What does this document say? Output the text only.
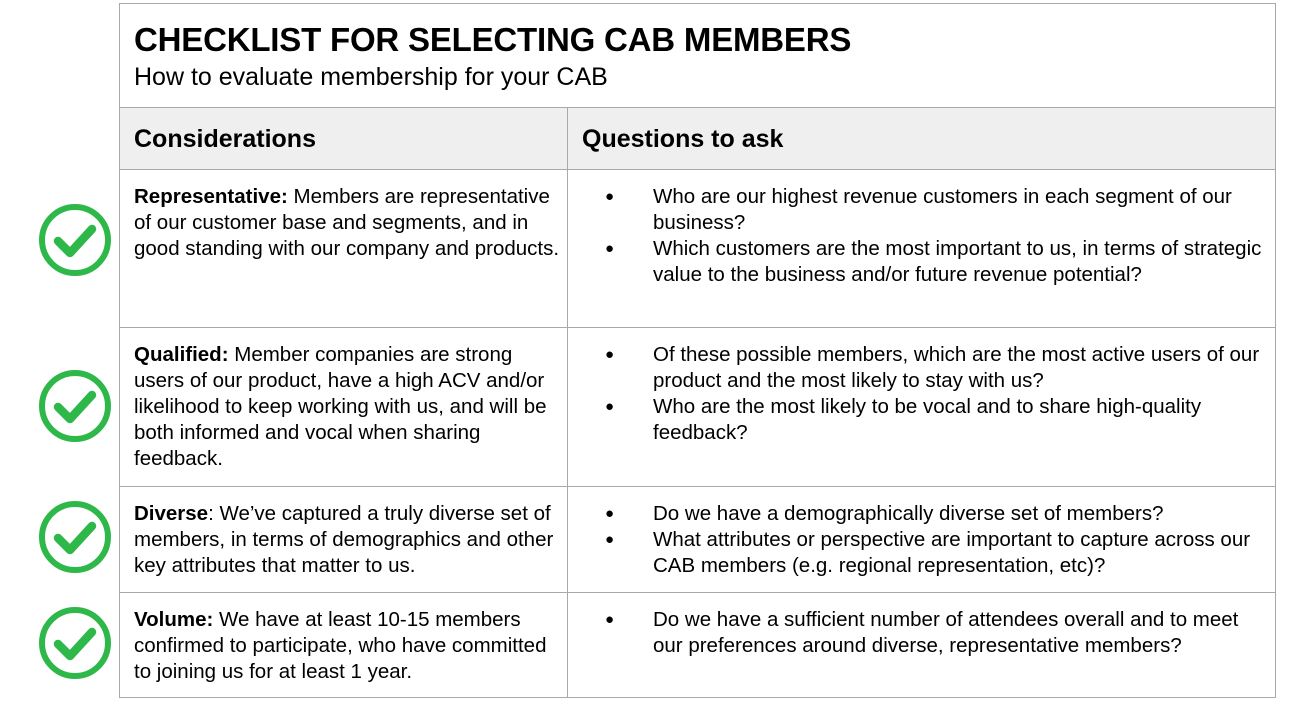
CHECKLIST FOR SELECTING CAB MEMBERS
How to evaluate membership for your CAB
Considerations	Questions to ask
Representative: Members are representative of our customer base and segments, and in good standing with our company and products.
● Who are our highest revenue customers in each segment of our business?
● Which customers are the most important to us, in terms of strategic value to the business and/or future revenue potential?
Qualified: Member companies are strong users of our product, have a high ACV and/or likelihood to keep working with us, and will be both informed and vocal when sharing feedback.
● Of these possible members, which are the most active users of our product and the most likely to stay with us?
● Who are the most likely to be vocal and to share high-quality feedback?
Diverse: We’ve captured a truly diverse set of members, in terms of demographics and other key attributes that matter to us.
● Do we have a demographically diverse set of members?
● What attributes or perspective are important to capture across our CAB members (e.g. regional representation, etc)?
Volume: We have at least 10-15 members confirmed to participate, who have committed to joining us for at least 1 year.
● Do we have a sufficient number of attendees overall and to meet our preferences around diverse, representative members?
